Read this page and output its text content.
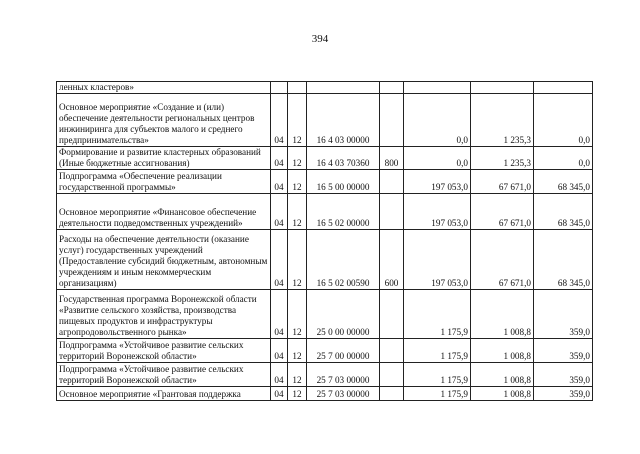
394
ленных кластеров»							
Основное мероприятие «Создание и (или) обеспечение деятельности региональных центров инжиниринга для субъектов малого и среднего предпринимательства»	04	12	16 4 03 00000		0,0	1 235,3	0,0
Формирование и развитие кластерных образований (Иные бюджетные ассигнования)	04	12	16 4 03 70360	800	0,0	1 235,3	0,0
Подпрограмма «Обеспечение реализации государственной программы»	04	12	16 5 00 00000		197 053,0	67 671,0	68 345,0
Основное мероприятие «Финансовое обеспечение деятельности подведомственных учреждений»	04	12	16 5 02 00000		197 053,0	67 671,0	68 345,0
Расходы на обеспечение деятельности (оказание услуг) государственных учреждений (Предоставление субсидий бюджетным, автономным учреждениям и иным некоммерческим организациям)	04	12	16 5 02 00590	600	197 053,0	67 671,0	68 345,0
Государственная программа Воронежской области «Развитие сельского хозяйства, производства пищевых продуктов и инфраструктуры агропродовольственного рынка»	04	12	25 0 00 00000		1 175,9	1 008,8	359,0
Подпрограмма «Устойчивое развитие сельских территорий Воронежской области»	04	12	25 7 00 00000		1 175,9	1 008,8	359,0
Подпрограмма «Устойчивое развитие сельских территорий Воронежской области»	04	12	25 7 03 00000		1 175,9	1 008,8	359,0
Основное мероприятие «Грантовая поддержка	04	12	25 7 03 00000		1 175,9	1 008,8	359,0
